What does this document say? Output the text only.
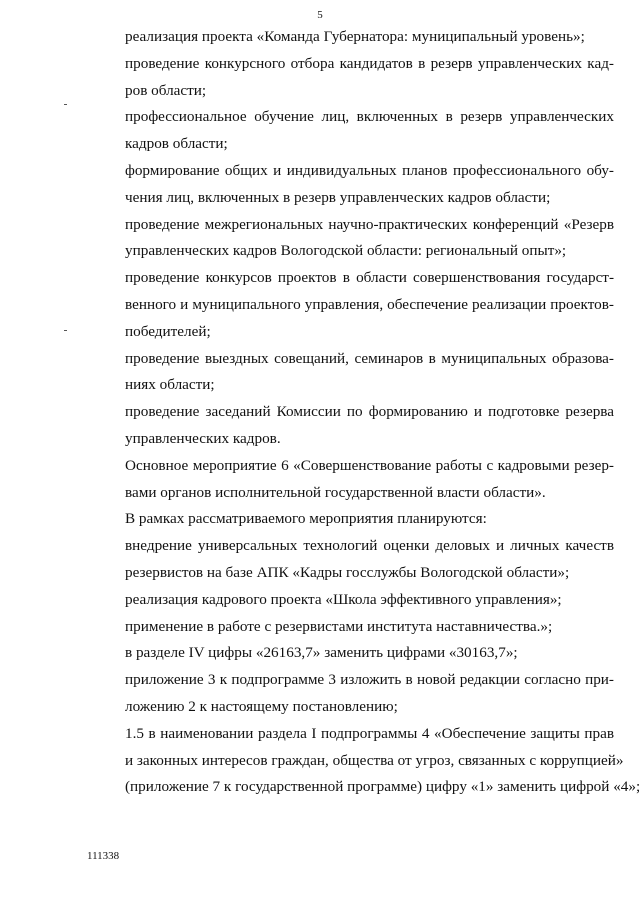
5

реализация проекта «Команда Губернатора: муниципальный уровень»;

проведение конкурсного отбора кандидатов в резерв управленческих кад-
ров области;

профессиональное обучение лиц, включенных в резерв управленческих
кадров области;

формирование общих и индивидуальных планов профессионального обу-
чения лиц, включенных в резерв управленческих кадров области;

проведение межрегиональных научно-практических конференций «Резерв
управленческих кадров Вологодской области: региональный опыт»;

проведение конкурсов проектов в области совершенствования государст-
венного и муниципального управления, обеспечение реализации проектов-
победителей;

проведение выездных совещаний, семинаров в муниципальных образова-
ниях области;

проведение заседаний Комиссии по формированию и подготовке резерва
управленческих кадров.

Основное мероприятие 6 «Совершенствование работы с кадровыми резер-
вами органов исполнительной государственной власти области».

В рамках рассматриваемого мероприятия планируются:

внедрение универсальных технологий оценки деловых и личных качеств
резервистов на базе АПК «Кадры госслужбы Вологодской области»;

реализация кадрового проекта «Школа эффективного управления»;

применение в работе с резервистами института наставничества.»;

в разделе IV цифры «26163,7» заменить цифрами «30163,7»;

приложение 3 к подпрограмме 3 изложить в новой редакции согласно при-
ложению 2 к настоящему постановлению;

1.5 в наименовании раздела I подпрограммы 4 «Обеспечение защиты прав
и законных интересов граждан, общества от угроз, связанных с коррупцией»
(приложение 7 к государственной программе) цифру «1» заменить цифрой «4»;

111338
